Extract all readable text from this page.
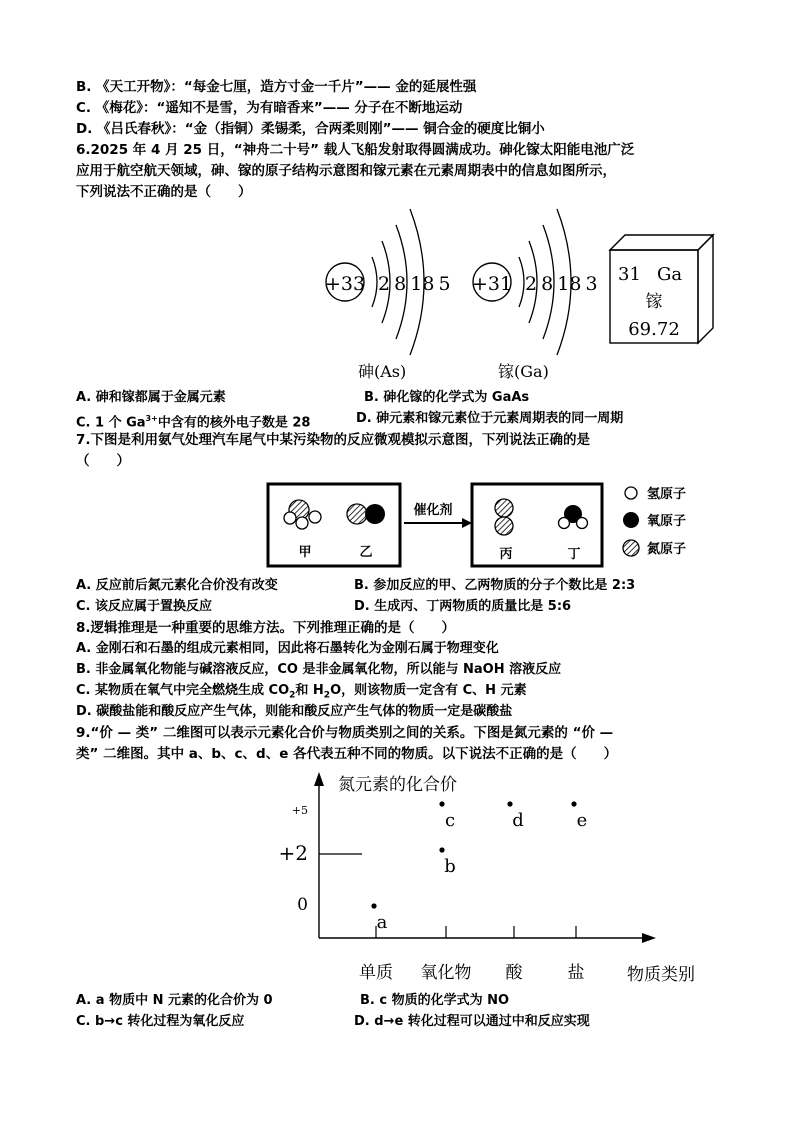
B. 《天工开物》：“每金七厘，造方寸金一千片”—— 金的延展性强
C. 《梅花》：“遥知不是雪，为有暗香来”—— 分子在不断地运动
D. 《吕氏春秋》：“金（指铜）柔锡柔，合两柔则刚”—— 铜合金的硬度比铜小
6.2025 年 4 月 25 日，“神舟二十号” 载人飞船发射取得圆满成功。砷化镓太阳能电池广泛
应用于航空航天领域，砷、镓的原子结构示意图和镓元素在元素周期表中的信息如图所示，
下列说法不正确的是（　　）
+33 2 8 18 5
砷(As)
+31 2 8 18 3
镓(Ga)
31 Ga
镓
69.72
A. 砷和镓都属于金属元素	B. 砷化镓的化学式为 GaAs
C. 1 个 $Ga^{3+}$中含有的核外电子数是 28	D. 砷元素和镓元素位于元素周期表的同一周期
7.下图是利用氨气处理汽车尾气中某污染物的反应微观模拟示意图，下列说法正确的是
（　　）
甲	乙
催化剂
丙	丁
氢原子
氧原子
氮原子
A. 反应前后氮元素化合价没有改变	B. 参加反应的甲、乙两物质的分子个数比是 2:3
C. 该反应属于置换反应	D. 生成丙、丁两物质的质量比是 5:6
8.逻辑推理是一种重要的思维方法。下列推理正确的是（　　）
A. 金刚石和石墨的组成元素相同，因此将石墨转化为金刚石属于物理变化
B. 非金属氧化物能与碱溶液反应，CO 是非金属氧化物，所以能与 NaOH 溶液反应
C. 某物质在氧气中完全燃烧生成 $CO_2$和 $H_2O$，则该物质一定含有 C、H 元素
D. 碳酸盐能和酸反应产生气体，则能和酸反应产生气体的物质一定是碳酸盐
9.“价 — 类” 二维图可以表示元素化合价与物质类别之间的关系。下图是氮元素的 “价 —
类” 二维图。其中 a、b、c、d、e 各代表五种不同的物质。以下说法不正确的是（　　）
氮元素的化合价
物质类别
0
+2
+5
单质 氧化物 酸	盐
a
b
c	d	e
A. a 物质中 N 元素的化合价为 0	B. c 物质的化学式为 NO
C. b→c 转化过程为氧化反应	D. d→e 转化过程可以通过中和反应实现
